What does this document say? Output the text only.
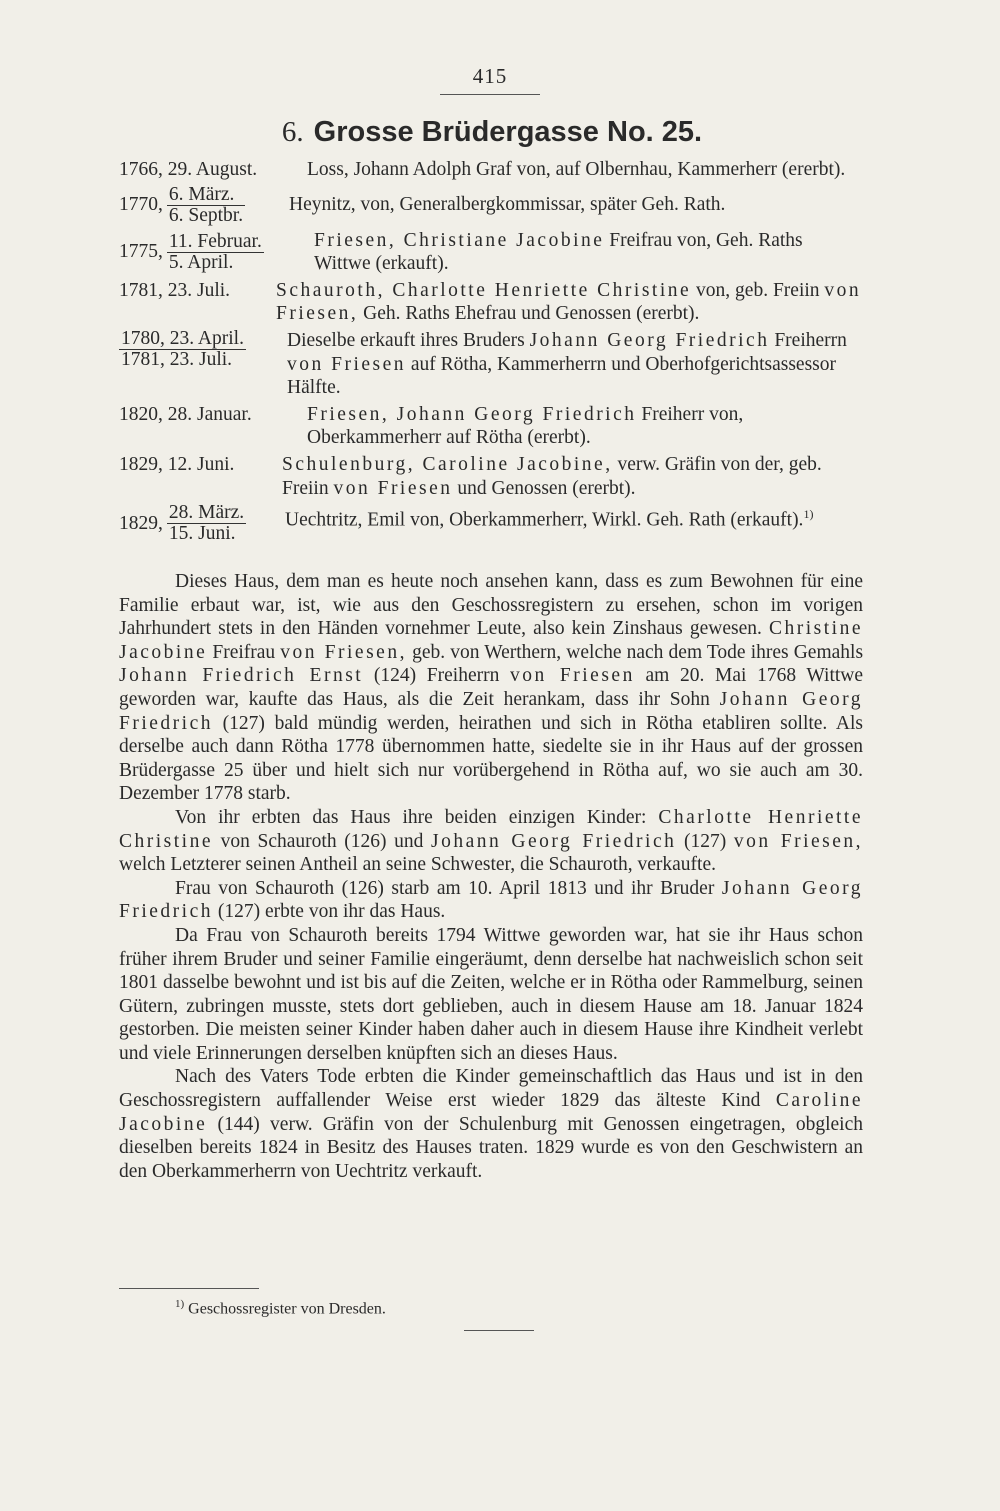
415
6. Grosse Brüdergasse No. 25.
1766, 29. August.	Loss, Johann Adolph Graf von, auf Olbernhau, Kammerherr (ererbt).
1770, $\frac{\text{6. März.}}{\text{6. Septbr.}}$ Heynitz, von, Generalbergkommissar, später Geh. Rath.
1775, $\frac{\text{11. Februar.}}{\text{5. April.}}$	Friesen, Christiane Jacobine Freifrau von, Geh. Raths Wittwe (erkauft).
1781, 23. Juli.	Schauroth, Charlotte Henriette Christine von, geb. Freiin von Friesen, Geh. Raths Ehefrau und Genossen (ererbt).
$\frac{\text{1780, 23. April.}}{\text{1781, 23. Juli.}}$ Dieselbe erkauft ihres Bruders Johann Georg Friedrich Freiherrn von Friesen auf Rötha, Kammerherrn und Oberhofgerichtsassessor Hälfte.
1820, 28. Januar.	Friesen, Johann Georg Friedrich Freiherr von, Oberkammerherr auf Rötha (ererbt).
1829, 12. Juni.	Schulenburg, Caroline Jacobine, verw. Gräfin von der, geb. Freiin von Friesen und Genossen (ererbt).
1829, $\frac{\text{28. März.}}{\text{15. Juni.}}$ Uechtritz, Emil von, Oberkammerherr, Wirkl. Geh. Rath (erkauft).$^{1)}$

Dieses Haus, dem man es heute noch ansehen kann, dass es zum Bewohnen für eine Familie erbaut war, ist, wie aus den Geschossregistern zu ersehen, schon im vorigen Jahrhundert stets in den Händen vornehmer Leute, also kein Zinshaus gewesen. Christine Jacobine Freifrau von Friesen, geb. von Werthern, welche nach dem Tode ihres Gemahls Johann Friedrich Ernst (124) Freiherrn von Friesen am 20. Mai 1768 Wittwe geworden war, kaufte das Haus, als die Zeit herankam, dass ihr Sohn Johann Georg Friedrich (127) bald mündig werden, heirathen und sich in Rötha etabliren sollte. Als derselbe auch dann Rötha 1778 übernommen hatte, siedelte sie in ihr Haus auf der grossen Brüdergasse 25 über und hielt sich nur vorübergehend in Rötha auf, wo sie auch am 30. Dezember 1778 starb.

Von ihr erbten das Haus ihre beiden einzigen Kinder: Charlotte Henriette Christine von Schauroth (126) und Johann Georg Friedrich (127) von Friesen, welch Letzterer seinen Antheil an seine Schwester, die Schauroth, verkaufte.

Frau von Schauroth (126) starb am 10. April 1813 und ihr Bruder Johann Georg Friedrich (127) erbte von ihr das Haus.

Da Frau von Schauroth bereits 1794 Wittwe geworden war, hat sie ihr Haus schon früher ihrem Bruder und seiner Familie eingeräumt, denn derselbe hat nachweislich schon seit 1801 dasselbe bewohnt und ist bis auf die Zeiten, welche er in Rötha oder Rammelburg, seinen Gütern, zubringen musste, stets dort geblieben, auch in diesem Hause am 18. Januar 1824 gestorben. Die meisten seiner Kinder haben daher auch in diesem Hause ihre Kindheit verlebt und viele Erinnerungen derselben knüpften sich an dieses Haus.

Nach des Vaters Tode erbten die Kinder gemeinschaftlich das Haus und ist in den Geschossregistern auffallender Weise erst wieder 1829 das älteste Kind Caroline Jacobine (144) verw. Gräfin von der Schulenburg mit Genossen eingetragen, obgleich dieselben bereits 1824 in Besitz des Hauses traten. 1829 wurde es von den Geschwistern an den Oberkammerherrn von Uechtritz verkauft.

$^{1)}$ Geschossregister von Dresden.
